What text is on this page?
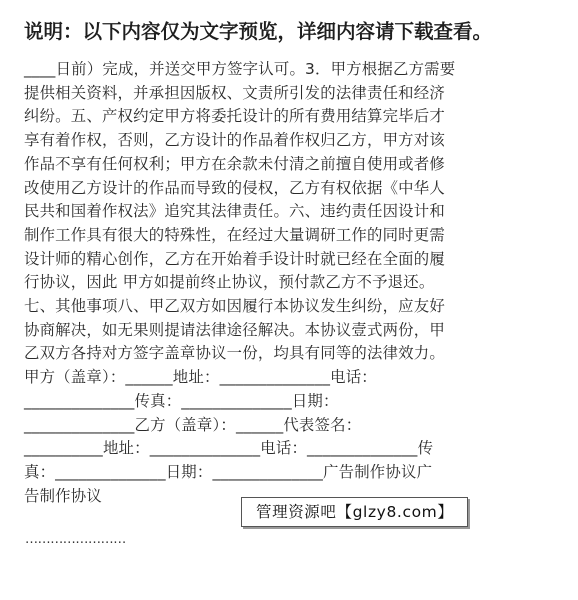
说明：以下内容仅为文字预览，详细内容请下载查看。
____日前）完成，并送交甲方签字认可。3．甲方根据乙方需要
提供相关资料，并承担因版权、文责所引发的法律责任和经济
纠纷。五、产权约定甲方将委托设计的所有费用结算完毕后才
享有着作权，否则，乙方设计的作品着作权归乙方，甲方对该
作品不享有任何权利；甲方在余款未付清之前擅自使用或者修
改使用乙方设计的作品而导致的侵权，乙方有权依据《中华人
民共和国着作权法》追究其法律责任。六、违约责任因设计和
制作工作具有很大的特殊性，在经过大量调研工作的同时更需
设计师的精心创作，乙方在开始着手设计时就已经在全面的履
行协议，因此 甲方如提前终止协议，预付款乙方不予退还。
七、其他事项八、甲乙双方如因履行本协议发生纠纷，应友好
协商解决，如无果则提请法律途径解决。本协议壹式两份，甲
乙双方各持对方签字盖章协议一份，均具有同等的法律效力。
甲方（盖章）：______地址：______________电话：
______________传真：______________日期：
______________乙方（盖章）：______代表签名：
__________地址：______________电话：______________传
真：______________日期：______________广告制作协议广
告制作协议
管理资源吧【glzy8.com】
……………………
